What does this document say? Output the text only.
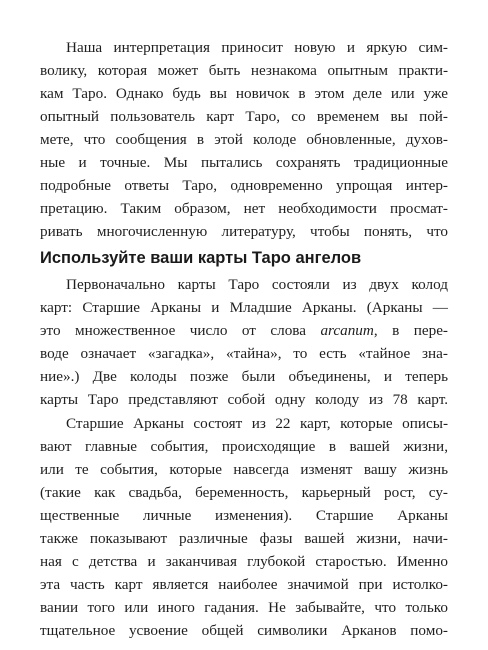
Наша интерпретация приносит новую и яркую сим-
волику, которая может быть незнакома опытным практи-
кам Таро. Однако будь вы новичок в этом деле или уже
опытный пользователь карт Таро, со временем вы пой-
мете, что сообщения в этой колоде обновленные, духов-
ные и точные. Мы пытались сохранять традиционные
подробные ответы Таро, одновременно упрощая интер-
претацию. Таким образом, нет необходимости просмат-
ривать многочисленную литературу, чтобы понять, что
Используйте ваши карты Таро ангелов
Первоначально карты Таро состояли из двух колод
карт: Старшие Арканы и Младшие Арканы. (Арканы —
это множественное число от слова arcanum, в пере-
воде означает «загадка», «тайна», то есть «тайное зна-
ние».) Две колоды позже были объединены, и теперь
карты Таро представляют собой одну колоду из 78 карт.
Старшие Арканы состоят из 22 карт, которые описы-
вают главные события, происходящие в вашей жизни,
или те события, которые навсегда изменят вашу жизнь
(такие как свадьба, беременность, карьерный рост, су-
щественные личные изменения). Старшие Арканы
также показывают различные фазы вашей жизни, начи-
ная с детства и заканчивая глубокой старостью. Именно
эта часть карт является наиболее значимой при истолко-
вании того или иного гадания. Не забывайте, что только
тщательное усвоение общей символики Арканов помо-
